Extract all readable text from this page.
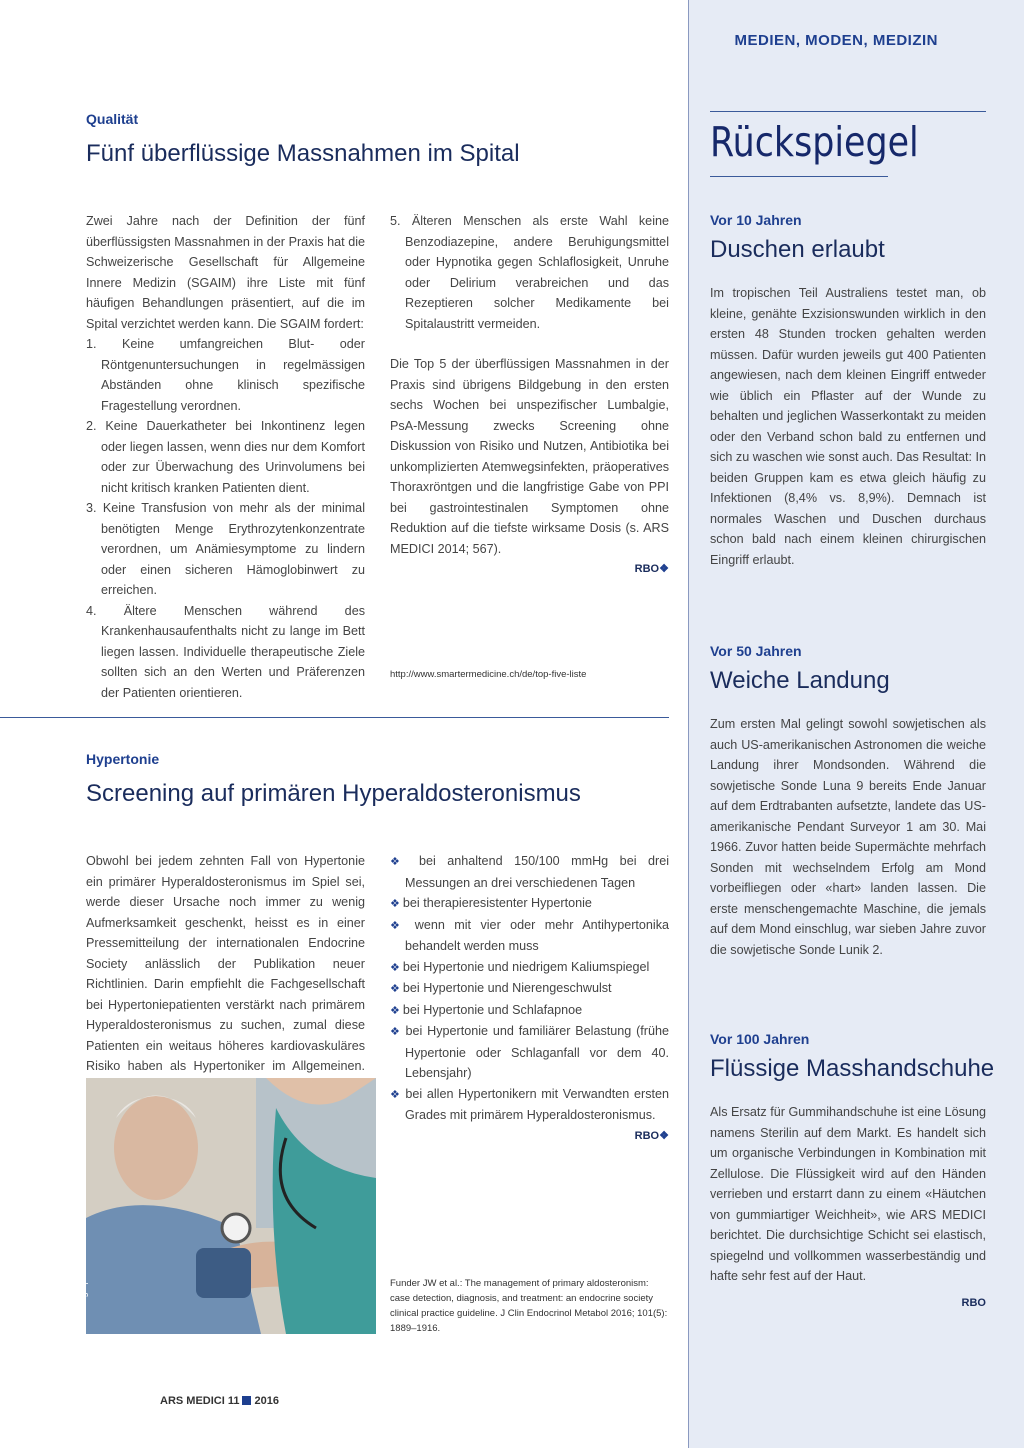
MEDIEN, MODEN, MEDIZIN
Qualität
Fünf überflüssige Massnahmen im Spital

Zwei Jahre nach der Definition der fünf überflüssigsten Massnahmen in der Praxis hat die Schweizerische Gesellschaft für Allgemeine Innere Medizin (SGAIM) ihre Liste mit fünf häufigen Behandlungen präsentiert, auf die im Spital verzichtet werden kann. Die SGAIM fordert:

1. Keine umfangreichen Blut- oder Röntgenuntersuchungen in regelmässigen Abständen ohne klinisch spezifische Fragestellung verordnen.

2. Keine Dauerkatheter bei Inkontinenz legen oder liegen lassen, wenn dies nur dem Komfort oder zur Überwachung des Urinvolumens bei nicht kritisch kranken Patienten dient.

3. Keine Transfusion von mehr als der minimal benötigten Menge Erythrozytenkonzentrate verordnen, um Anämiesymptome zu lindern oder einen sicheren Hämoglobinwert zu erreichen.

4. Ältere Menschen während des Krankenhausaufenthalts nicht zu lange im Bett liegen lassen. Individuelle therapeutische Ziele sollten sich an den Werten und Präferenzen der Patienten orientieren.

5. Älteren Menschen als erste Wahl keine Benzodiazepine, andere Beruhigungsmittel oder Hypnotika gegen Schlaflosigkeit, Unruhe oder Delirium verabreichen und das Rezeptieren solcher Medikamente bei Spitalaustritt vermeiden.

Die Top 5 der überflüssigen Massnahmen in der Praxis sind übrigens Bildgebung in den ersten sechs Wochen bei unspezifischer Lumbalgie, PsA-Messung zwecks Screening ohne Diskussion von Risiko und Nutzen, Antibiotika bei unkomplizierten Atemwegsinfekten, präoperatives Thoraxröntgen und die langfristige Gabe von PPI bei gastrointestinalen Symptomen ohne Reduktion auf die tiefste wirksame Dosis (s. ARS MEDICI 2014; 567).

RBO❖
http://www.smartermedicine.ch/de/top-five-liste
Hypertonie
Screening auf primären Hyperaldosteronismus
Obwohl bei jedem zehnten Fall von Hypertonie ein primärer Hyperaldosteronismus im Spiel sei, werde dieser Ursache noch immer zu wenig Aufmerksamkeit geschenkt, heisst es in einer Pressemitteilung der internationalen Endocrine Society anlässlich der Publikation neuer Richtlinien. Darin empfiehlt die Fachgesellschaft bei Hypertoniepatienten verstärkt nach primärem Hyperaldosteronismus zu suchen, zumal diese Patienten ein weitaus höheres kardiovaskuläres Risiko haben als Hypertoniker im Allgemeinen.
© Photographee.eu – Fotolia.com

❖ bei anhaltend 150/100 mmHg bei drei Messungen an drei verschiedenen Tagen

❖ bei therapieresistenter Hypertonie

❖ wenn mit vier oder mehr Antihypertonika behandelt werden muss

❖ bei Hypertonie und niedrigem Kaliumspiegel

❖ bei Hypertonie und Nierengeschwulst

❖ bei Hypertonie und Schlafapnoe

❖ bei Hypertonie und familiärer Belastung (frühe Hypertonie oder Schlaganfall vor dem 40. Lebensjahr)

❖ bei allen Hypertonikern mit Verwandten ersten Grades mit primärem Hyperaldosteronismus.

RBO❖
Funder JW et al.: The management of primary aldosteronism: case detection, diagnosis, and treatment: an endocrine society clinical practice guideline. J Clin Endocrinol Metabol 2016; 101(5): 1889–1916.
Rückspiegel
Vor 10 Jahren
Duschen erlaubt
Im tropischen Teil Australiens testet man, ob kleine, genähte Exzisionswunden wirklich in den ersten 48 Stunden trocken gehalten werden müssen. Dafür wurden jeweils gut 400 Patienten angewiesen, nach dem kleinen Eingriff entweder wie üblich ein Pflaster auf der Wunde zu behalten und jeglichen Wasserkontakt zu meiden oder den Verband schon bald zu entfernen und sich zu waschen wie sonst auch. Das Resultat: In beiden Gruppen kam es etwa gleich häufig zu Infektionen (8,4% vs. 8,9%). Demnach ist normales Waschen und Duschen durchaus schon bald nach einem kleinen chirurgischen Eingriff erlaubt.
Vor 50 Jahren
Weiche Landung
Zum ersten Mal gelingt sowohl sowjetischen als auch US-amerikanischen Astronomen die weiche Landung ihrer Mondsonden. Während die sowjetische Sonde Luna 9 bereits Ende Januar auf dem Erdtrabanten aufsetzte, landete das US-amerikanische Pendant Surveyor 1 am 30. Mai 1966. Zuvor hatten beide Supermächte mehrfach Sonden mit wechselndem Erfolg am Mond vorbeifliegen oder «hart» landen lassen. Die erste menschengemachte Maschine, die jemals auf dem Mond einschlug, war sieben Jahre zuvor die sowjetische Sonde Lunik 2.
Vor 100 Jahren
Flüssige Masshandschuhe

Als Ersatz für Gummihandschuhe ist eine Lösung namens Sterilin auf dem Markt. Es handelt sich um organische Verbindungen in Kombination mit Zellulose. Die Flüssigkeit wird auf den Händen verrieben und erstarrt dann zu einem «Häutchen von gummiartiger Weichheit», wie ARS MEDICI berichtet. Die durchsichtige Schicht sei elastisch, spiegelnd und vollkommen wasserbeständig und hafte sehr fest auf der Haut.

RBO
ARS MEDICI 11 2016
